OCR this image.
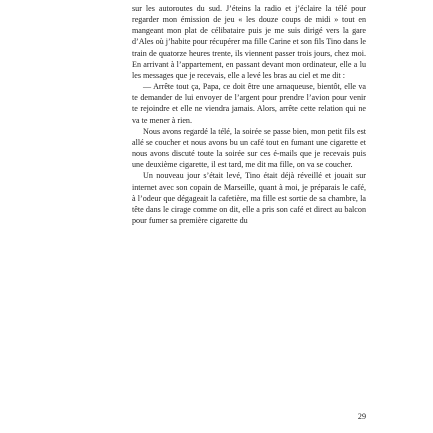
sur les autoroutes du sud. J’éteins la radio et j’éclaire la télé pour regarder mon émission de jeu « les douze coups de midi » tout en mangeant mon plat de célibataire puis je me suis dirigé vers la gare d’Ales où j’habite pour récupérer ma fille Carine et son fils Tino dans le train de quatorze heures trente, ils viennent passer trois jours, chez moi. En arrivant à l’appartement, en passant devant mon ordinateur, elle a lu les messages que je recevais, elle a levé les bras au ciel et me dit :

— Arrête tout ça, Papa, ce doit être une arnaqueuse, bientôt, elle va te demander de lui envoyer de l’argent pour prendre l’avion pour venir te rejoindre et elle ne viendra jamais. Alors, arrête cette relation qui ne va te mener à rien.

Nous avons regardé la télé, la soirée se passe bien, mon petit fils est allé se coucher et nous avons bu un café tout en fumant une cigarette et nous avons discuté toute la soirée sur ces é-mails que je recevais puis une deuxième cigarette, il est tard, me dit ma fille, on va se coucher.

Un nouveau jour s’était levé, Tino était déjà réveillé et jouait sur internet avec son copain de Marseille, quant à moi, je préparais le café, à l’odeur que dégageait la cafetière, ma fille est sortie de sa chambre, la tête dans le cirage comme on dit, elle a pris son café et direct au balcon pour fumer sa première cigarette du

29
